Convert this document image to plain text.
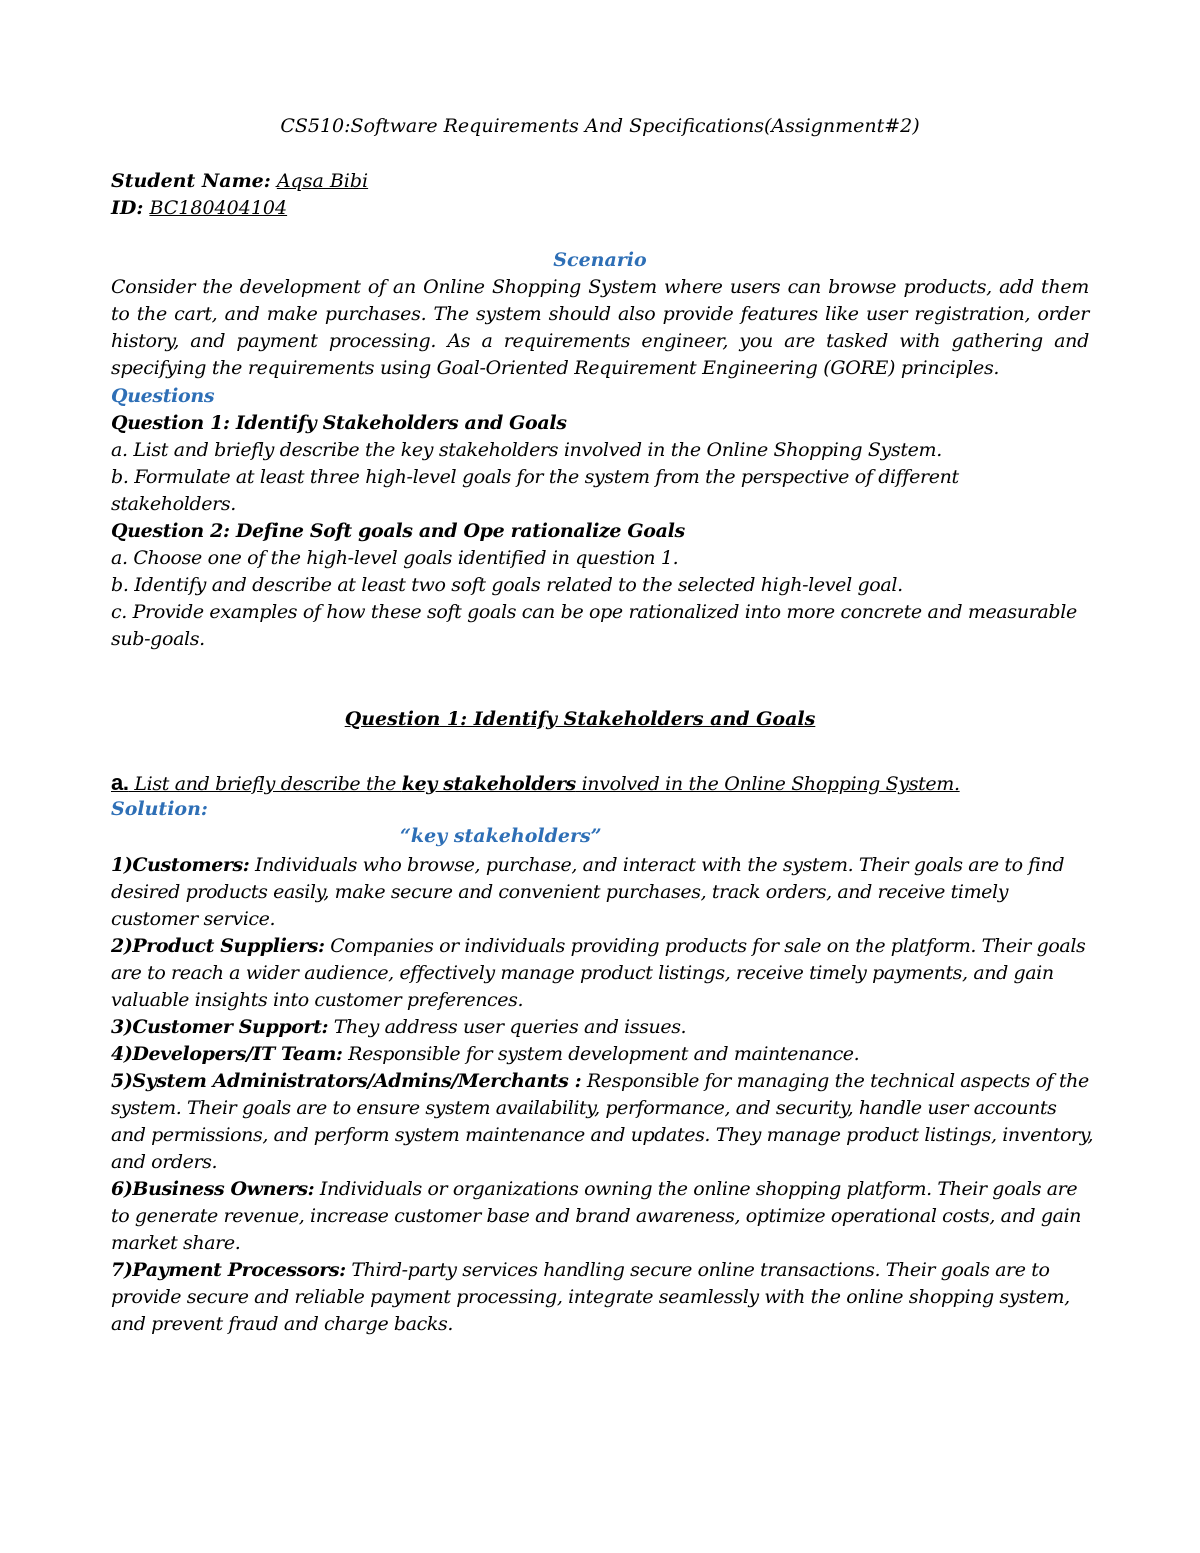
CS510:Software Requirements And Specifications(Assignment#2)
Student Name: Aqsa Bibi
ID: BC180404104
Scenario
Consider the development of an Online Shopping System where users can browse products, add them to the cart, and make purchases. The system should also provide features like user registration, order history, and payment processing. As a requirements engineer, you are tasked with gathering and specifying the requirements using Goal-Oriented Requirement Engineering (GORE) principles.

Questions

Question 1: Identify Stakeholders and Goals

a. List and briefly describe the key stakeholders involved in the Online Shopping System.

b. Formulate at least three high-level goals for the system from the perspective of different stakeholders.

Question 2: Define Soft goals and Ope rationalize Goals

a. Choose one of the high-level goals identified in question 1.

b. Identify and describe at least two soft goals related to the selected high-level goal.

c. Provide examples of how these soft goals can be ope rationalized into more concrete and measurable sub-goals.

Question 1: Identify Stakeholders and Goals
a. List and briefly describe the key stakeholders involved in the Online Shopping System.
Solution:
“key stakeholders”

1)Customers: Individuals who browse, purchase, and interact with the system. Their goals are to find desired products easily, make secure and convenient purchases, track orders, and receive timely customer service.

2)Product Suppliers: Companies or individuals providing products for sale on the platform. Their goals are to reach a wider audience, effectively manage product listings, receive timely payments, and gain valuable insights into customer preferences.

3)Customer Support: They address user queries and issues.

4)Developers/IT Team: Responsible for system development and maintenance.

5)System Administrators/Admins/Merchants : Responsible for managing the technical aspects of the system. Their goals are to ensure system availability, performance, and security, handle user accounts and permissions, and perform system maintenance and updates. They manage product listings, inventory, and orders.

6)Business Owners: Individuals or organizations owning the online shopping platform. Their goals are to generate revenue, increase customer base and brand awareness, optimize operational costs, and gain market share.

7)Payment Processors: Third-party services handling secure online transactions. Their goals are to provide secure and reliable payment processing, integrate seamlessly with the online shopping system, and prevent fraud and charge backs.
